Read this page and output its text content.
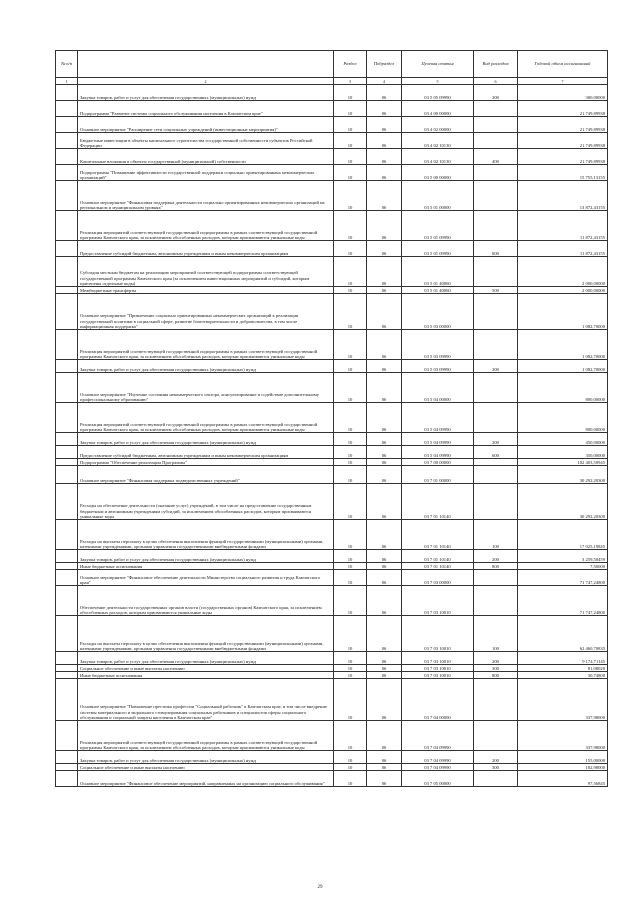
№ п/п		Раздел	Подраздел	Целевая статья	Вид расходов	Годовой объем ассигнований
1	2	3	4	5	6	7
	Закупка товаров, работ и услуг для обеспечения государственных (муниципальных) нужд	10	06	03 5 05 09990	200	300,00000
	Подпрограмма "Развитие системы социального обслуживания населения в Камчатском крае"	10	06	03 4 00 00000		21 749,89938
	Основное мероприятие "Расширение сети социальных учреждений (инвестиционные мероприятия)"	10	06	03 4 02 00000		21 749,89938
	Бюджетные инвестиции в объекты капитального строительства государственной собственности субъектов Российской Федерации	10	06	03 4 02 10130		21 749,89938
	Капитальные вложения в объекты государственной (муниципальной) собственности	10	06	03 4 02 10130	400	21 749,89938
	Подпрограмма "Повышение эффективности государственной поддержки социально ориентированных некоммерческих организаций"	10	06	03 5 00 00000		15 755,13155
	Основное мероприятие "Финансовая поддержка деятельности социально ориентированных некоммерческих организаций на региональном и муниципальном уровнях"	10	06	03 5 01 00000		13 872,43155
	Реализация мероприятий соответствующей государственной подпрограммы в рамках соответствующей государственной программы Камчатского края, за исключением обособленных расходов, которым присваиваются уникальные коды	10	06	03 5 01 09990		11 872,43155
	Предоставление субсидий бюджетным, автономным учреждениям и иным некоммерческим организациям	10	06	03 5 01 09990	600	11 872,43155
	Субсидия местным бюджетам на реализацию мероприятий соответствующей подпрограммы соответствующей государственной программы Камчатского края (за исключением инвестиционных мероприятий и субсидий, которым присвоены отдельные коды)	10	06	03 5 01 40060		2 000,00000
	Межбюджетные трансферты	10	06	03 5 01 40060	500	2 000,00000
	Основное мероприятие "Привлечение социально ориентированных некоммерческих организаций к реализации государственной политики в социальной сфере, развитие благотворительности и добровольчества, в том числе информационная поддержка"	10	06	03 5 03 00000		1 082,70000
	Реализация мероприятий соответствующей государственной подпрограммы в рамках соответствующей государственной программы Камчатского края, за исключением обособленных расходов, которым присваиваются уникальные коды	10	06	03 5 03 09990		1 082,70000
	Закупка товаров, работ и услуг для обеспечения государственных (муниципальных) нужд	10	06	03 5 03 09990	200	1 082,70000
	Основное мероприятие "Изучение состояния некоммерческого сектора, консультирование и содействие дополнительному профессиональному образованию"	10	06	03 5 04 00000		800,00000
	Реализация мероприятий соответствующей государственной подпрограммы в рамках соответствующей государственной программы Камчатского края, за исключением обособленных расходов, которым присваиваются уникальные коды	10	06	03 5 04 09990		800,00000
	Закупка товаров, работ и услуг для обеспечения государственных (муниципальных) нужд	10	06	03 5 04 09990	200	450,00000
	Предоставление субсидий бюджетным, автономным учреждениям и иным некоммерческим организациям	10	06	03 5 04 09990	600	350,00000
	Подпрограмма "Обеспечение реализации Программы"	10	06	03 7 00 00000		102 403,50945
	Основное мероприятие "Финансовая поддержка подведомственных учреждений"	10	06	03 7 01 00000		30 292,20300
	Расходы на обеспечение деятельности (оказание услуг) учреждений, в том числе на предоставление государственным бюджетным и автономным учреждениям субсидий, за исключением обособленных расходов, которым присваиваются уникальные коды	10	06	03 7 01 10140		30 292,20300
	Расходы на выплаты персоналу в целях обеспечения выполнения функций государственными (муниципальными) органами, казенными учреждениями, органами управления государственными внебюджетными фондами	10	06	03 7 01 10140	100	17 025,19845
	Закупка товаров, работ и услуг для обеспечения государственных (муниципальных) нужд	10	06	03 7 01 10140	200	3 259,50459
	Иные бюджетные ассигнования	10	06	03 7 01 10140	800	7,50000
	Основное мероприятие "Финансовое обеспечение деятельности Министерства социального развития и труда Камчатского края"	10	06	03 7 03 00000		71 747,24800
	Обеспечение деятельности государственных органов власти (государственных органов) Камчатского края, за исключением обособленных расходов, которым присваиваются уникальные коды	10	06	03 7 03 10010		71 747,24800
	Расходы на выплаты персоналу в целях обеспечения выполнения функций государственными (муниципальными) органами, казенными учреждениями, органами управления государственными внебюджетными фондами	10	06	03 7 03 10010	100	62 460,70835
	Закупка товаров, работ и услуг для обеспечения государственных (муниципальных) нужд	10	06	03 7 03 10010	200	9 174,71145
	Социальное обеспечение и иные выплаты населению	10	06	03 7 03 10010	300	81,08020
	Иные бюджетные ассигнования	10	06	03 7 03 10010	800	30,74800
	Основное мероприятие "Повышение престижа профессии "Социальный работник" в Камчатском крае, в том числе внедрение системы материального и морального стимулирования социальных работников и специалистов сферы социального обслуживания и социальной защиты населения в Камчатском крае"	10	06	03 7 04 00000		337,98000
	Реализация мероприятий соответствующей государственной подпрограммы в рамках соответствующей государственной программы Камчатского края, за исключением обособленных расходов, которым присваиваются уникальные коды	10	06	03 7 04 09990		337,98000
	Закупка товаров, работ и услуг для обеспечения государственных (муниципальных) нужд	10	06	03 7 04 09990	200	155,00000
	Социальное обеспечение и иные выплаты населению	10	06	03 7 04 09990	300	182,98000
	Основное мероприятие "Финансовое обеспечение мероприятий, направленных на организацию социального обслуживания"	10	06	03 7 05 00000		97,56845
29
